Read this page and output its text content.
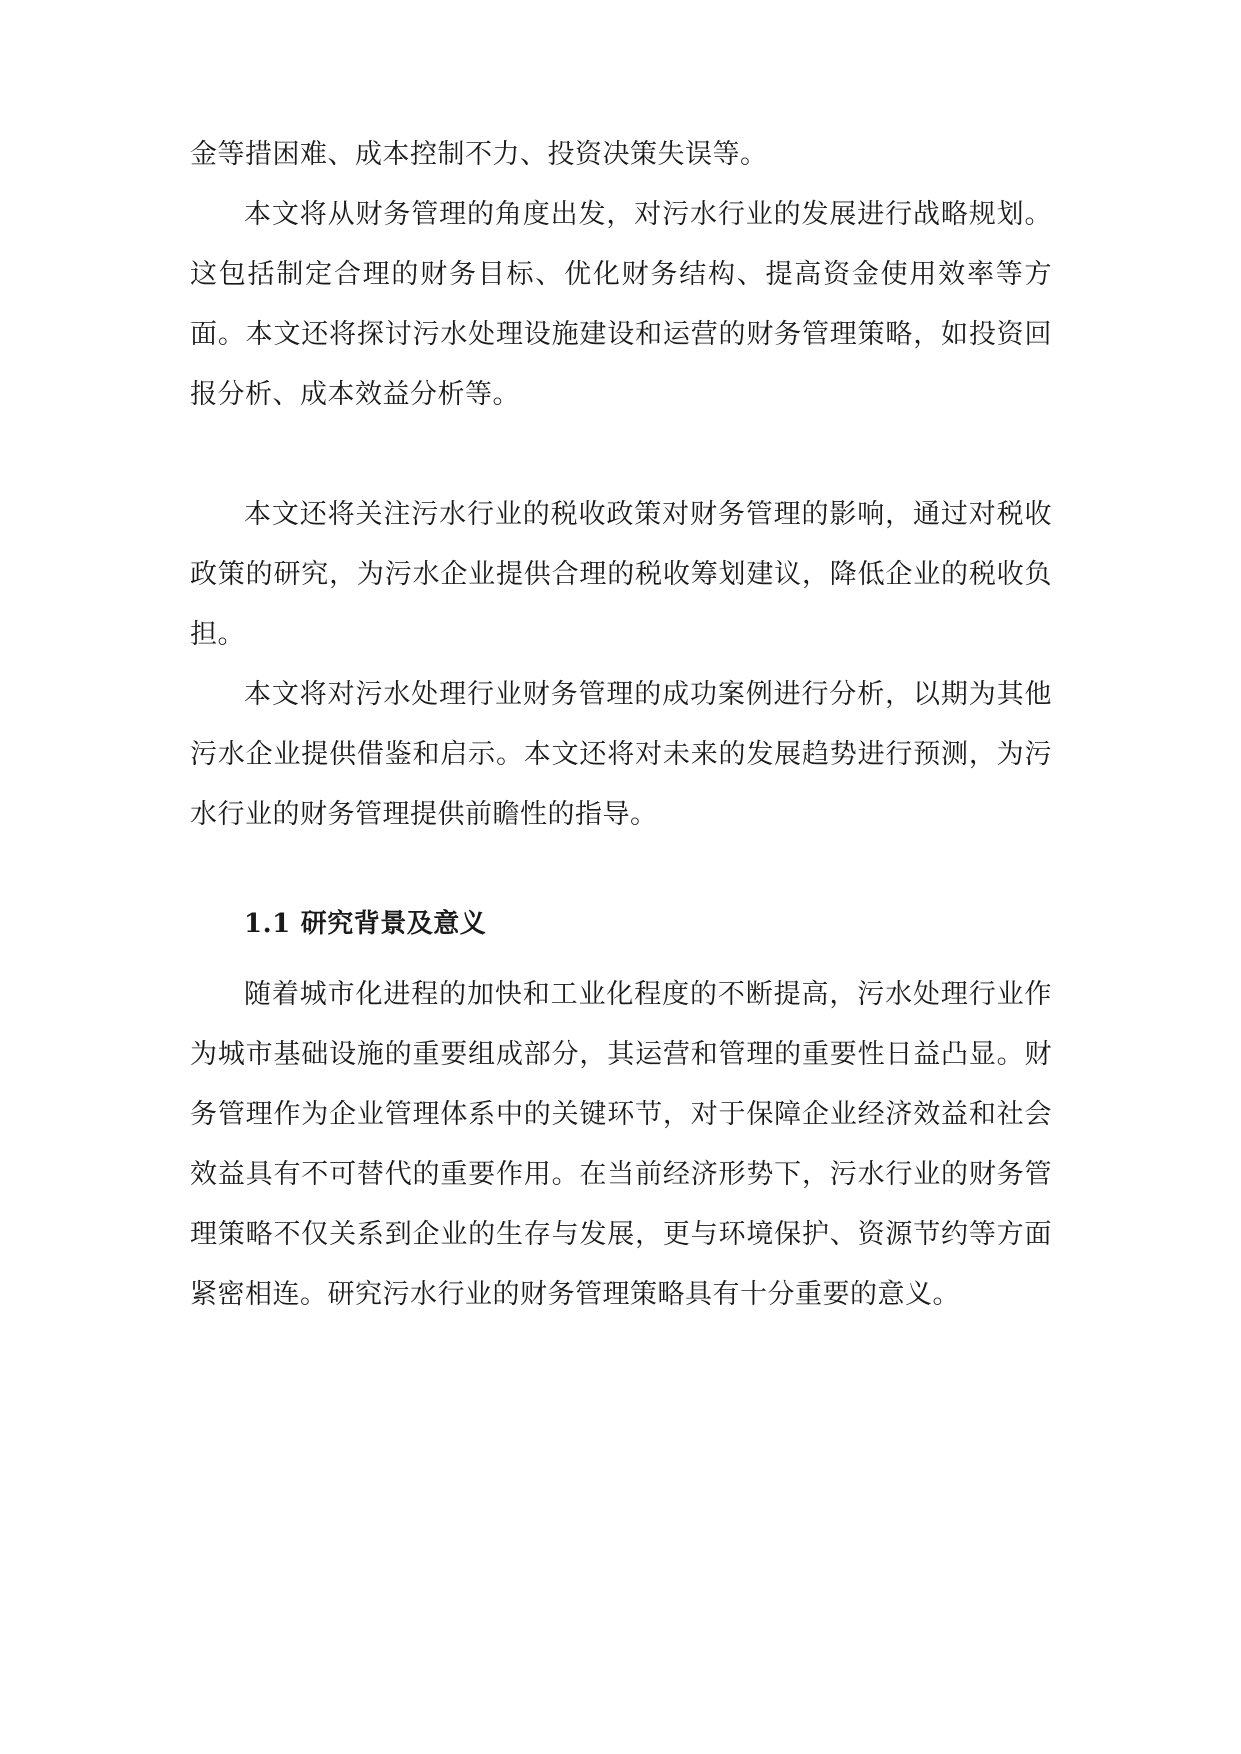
金等措困难、成本控制不力、投资决策失误等。

本文将从财务管理的角度出发，对污水行业的发展进行战略规划。这包括制定合理的财务目标、优化财务结构、提高资金使用效率等方面。本文还将探讨污水处理设施建设和运营的财务管理策略，如投资回报分析、成本效益分析等。

本文还将关注污水行业的税收政策对财务管理的影响，通过对税收政策的研究，为污水企业提供合理的税收筹划建议，降低企业的税收负担。

本文将对污水处理行业财务管理的成功案例进行分析，以期为其他污水企业提供借鉴和启示。本文还将对未来的发展趋势进行预测，为污水行业的财务管理提供前瞻性的指导。

1.1 研究背景及意义

随着城市化进程的加快和工业化程度的不断提高，污水处理行业作为城市基础设施的重要组成部分，其运营和管理的重要性日益凸显。财务管理作为企业管理体系中的关键环节，对于保障企业经济效益和社会效益具有不可替代的重要作用。在当前经济形势下，污水行业的财务管理策略不仅关系到企业的生存与发展，更与环境保护、资源节约等方面紧密相连。研究污水行业的财务管理策略具有十分重要的意义。
